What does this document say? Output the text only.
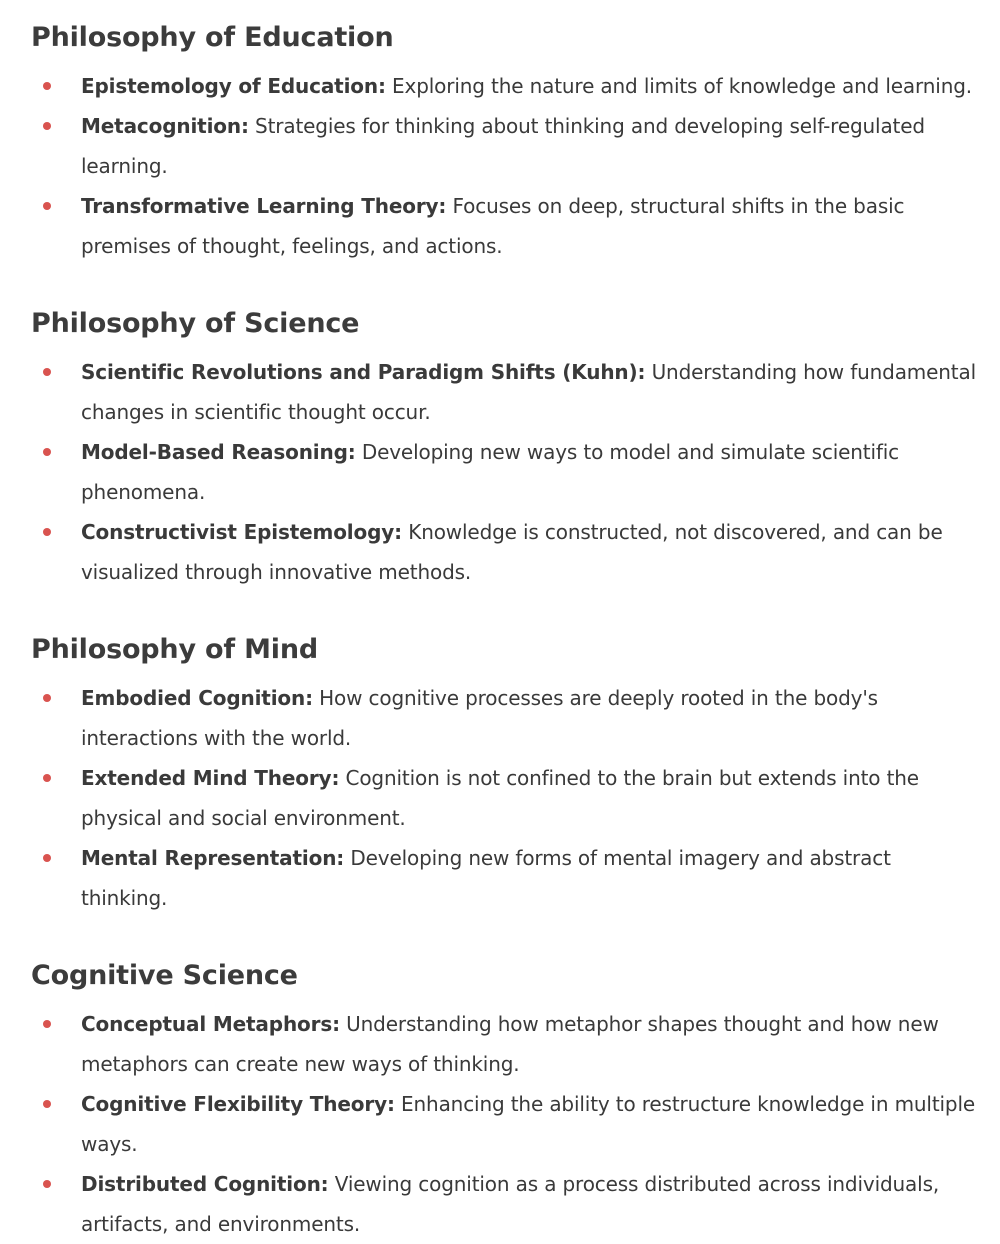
Philosophy of Education
Epistemology of Education: Exploring the nature and limits of knowledge and learning.
Metacognition: Strategies for thinking about thinking and developing self-regulated learning.
Transformative Learning Theory: Focuses on deep, structural shifts in the basic premises of thought, feelings, and actions.
Philosophy of Science
Scientific Revolutions and Paradigm Shifts (Kuhn): Understanding how fundamental changes in scientific thought occur.
Model-Based Reasoning: Developing new ways to model and simulate scientific phenomena.
Constructivist Epistemology: Knowledge is constructed, not discovered, and can be visualized through innovative methods.
Philosophy of Mind
Embodied Cognition: How cognitive processes are deeply rooted in the body's interactions with the world.
Extended Mind Theory: Cognition is not confined to the brain but extends into the physical and social environment.
Mental Representation: Developing new forms of mental imagery and abstract thinking.
Cognitive Science
Conceptual Metaphors: Understanding how metaphor shapes thought and how new metaphors can create new ways of thinking.
Cognitive Flexibility Theory: Enhancing the ability to restructure knowledge in multiple ways.
Distributed Cognition: Viewing cognition as a process distributed across individuals, artifacts, and environments.
